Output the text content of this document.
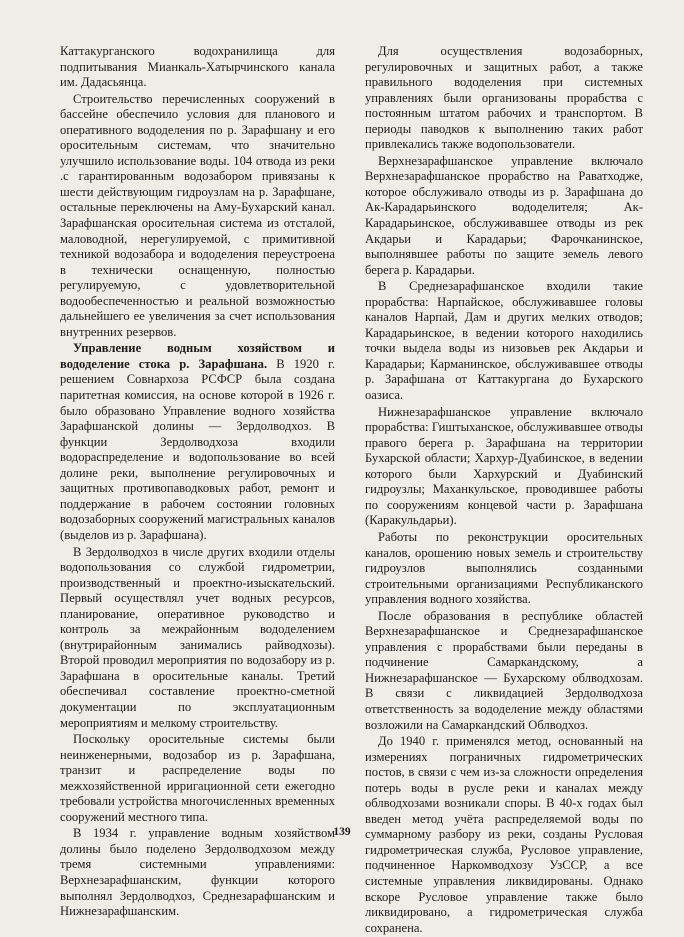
Каттакурганского водохранилища для подпитывания Мианкаль-Хатырчинского канала им. Дадасьянца.

Строительство перечисленных сооружений в бассейне обеспечило условия для планового и оперативного вододеления по р. Зарафшану и его оросительным системам, что значительно улучшило использование воды. 104 отвода из реки .с гарантированным водозабором привязаны к шести действующим гидроузлам на р. Зарафшане, остальные переключены на Аму-Бухарский канал. Зарафшанская оросительная система из отсталой, маловодной, нерегулируемой, с примитивной техникой водозабора и вододеления переустроена в технически оснащенную, полностью регулируемую, с удовлетворительной водообеспеченностью и реальной возможностью дальнейшего ее увеличения за счет использования внутренних резервов.

Управление водным хозяйством и вододеление стока р. Зарафшана. В 1920 г. решением Совнархоза РСФСР была создана паритетная комиссия, на основе которой в 1926 г. было образовано Управление водного хозяйства Зарафшанской долины — Зердолводхоз. В функции Зердолводхоза входили водораспределение и водопользование во всей долине реки, выполнение регулировочных и защитных противопаводковых работ, ремонт и поддержание в рабочем состоянии головных водозаборных сооружений магистральных каналов (выделов из р. Зарафшана).

В Зердолводхоз в числе других входили отделы водопользования со службой гидрометрии, производственный и проектно-изыскательский. Первый осуществлял учет водных ресурсов, планирование, оперативное руководство и контроль за межрайонным вододелением (внутрирайонным занимались райводхозы). Второй проводил мероприятия по водозабору из р. Зарафшана в оросительные каналы. Третий обеспечивал составление проектно-сметной документации по эксплуатационным мероприятиям и мелкому строительству.

Поскольку оросительные системы были неинженерными, водозабор из р. Зарафшана, транзит и распределение воды по межхозяйственной ирригационной сети ежегодно требовали устройства многочисленных временных сооружений местного типа.

В 1934 г. управление водным хозяйством долины было поделено Зердолводхозом между тремя системными управлениями: Верхнезарафшанским, функции которого выполнял Зердолводхоз, Среднезарафшанским и Нижнезарафшанским.

Для осуществления водозаборных, регулировочных и защитных работ, а также правильного вододеления при системных управлениях были организованы прорабства с постоянным штатом рабочих и транспортом. В периоды паводков к выполнению таких работ привлекались также водопользователи.

Верхнезарафшанское управление включало Верхнезарафшанское прорабство на Раватходже, которое обслуживало отводы из р. Зарафшана до Ак-Карадарьинского вододелителя; Ак-Карадарьинское, обслуживавшее отводы из рек Акдарьи и Карадарьи; Фарочканинское, выполнявшее работы по защите земель левого берега р. Карадарьи.

В Среднезарафшанское входили такие прорабства: Нарпайское, обслуживавшее головы каналов Нарпай, Дам и других мелких отводов; Карадарьинское, в ведении которого находились точки выдела воды из низовьев рек Акдарьи и Карадарьи; Карманинское, обслуживавшее отводы р. Зарафшана от Каттакургана до Бухарского оазиса.

Нижнезарафшанское управление включало прорабства: Гиштыханское, обслуживавшее отводы правого берега р. Зарафшана на территории Бухарской области; Хархур-Дуабинское, в ведении которого были Хархурский и Дуабинский гидроузлы; Маханкульское, проводившее работы по сооружениям концевой части р. Зарафшана (Каракульдарьи).

Работы по реконструкции оросительных каналов, орошению новых земель и строительству гидроузлов выполнялись созданными строительными организациями Республиканского управления водного хозяйства.

После образования в республике областей Верхнезарафшанское и Среднезарафшанское управления с прорабствами были переданы в подчинение Самаркандскому, а Нижнезарафшанское — Бухарскому облводхозам. В связи с ликвидацией Зердолводхоза ответственность за вододеление между областями возложили на Самаркандский Облводхоз.

До 1940 г. применялся метод, основанный на измерениях пограничных гидрометрических постов, в связи с чем из-за сложности определения потерь воды в русле реки и каналах между облводхозами возникали споры. В 40-х годах был введен метод учёта распределяемой воды по суммарному разбору из реки, созданы Русловая гидрометрическая служба, Русловое управление, подчиненное Наркомводхозу УзССР, а все системные управления ликвидированы. Однако вскоре Русловое управление также было ликвидировано, а гидрометрическая служба сохранена.

139
